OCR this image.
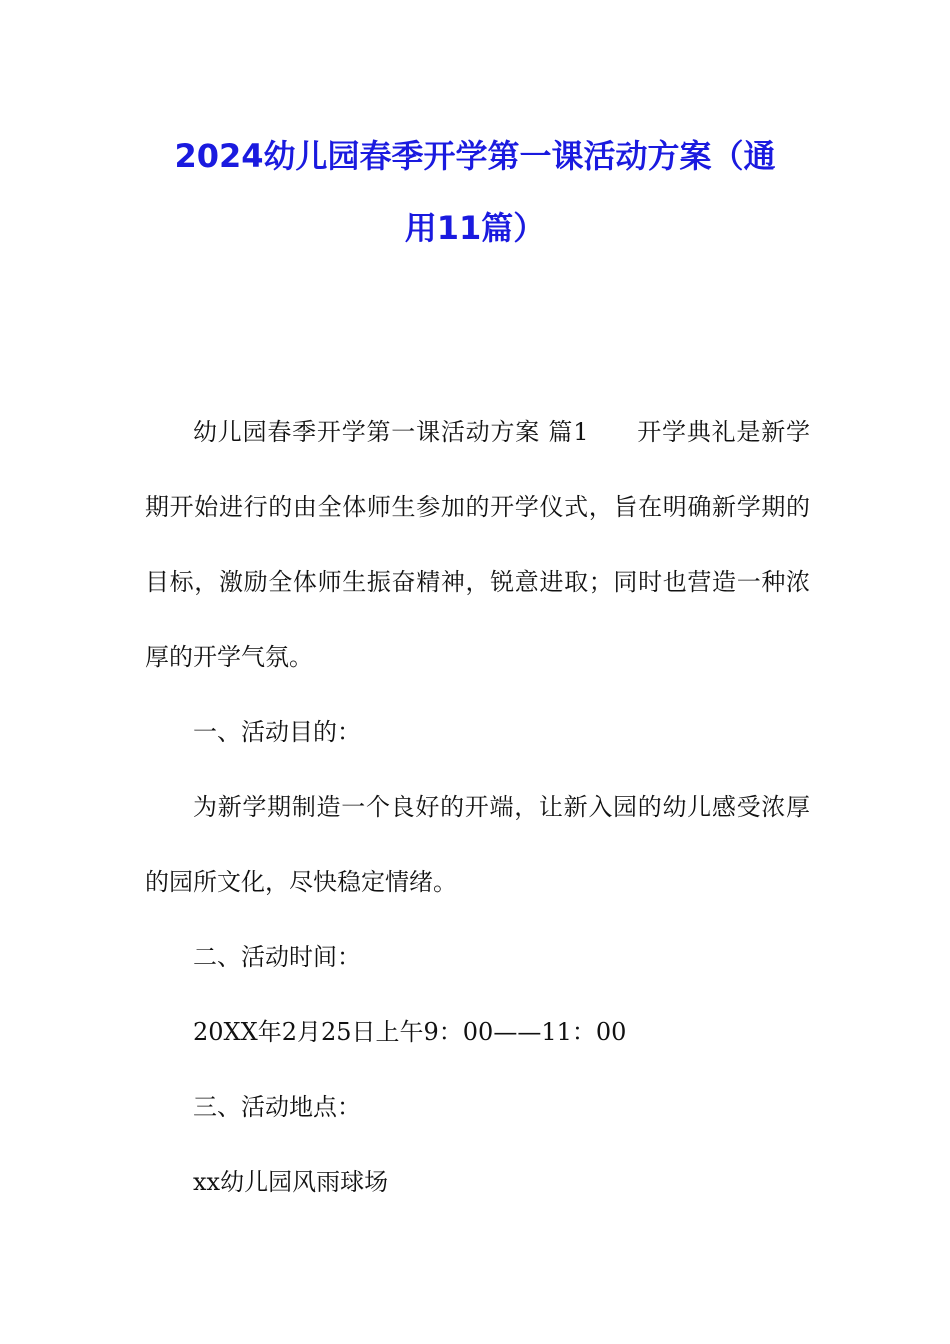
2024幼儿园春季开学第一课活动方案（通
用11篇）

幼儿园春季开学第一课活动方案 篇1 开学典礼是新学期开始进行的由全体师生参加的开学仪式，旨在明确新学期的目标，激励全体师生振奋精神，锐意进取；同时也营造一种浓厚的开学气氛。

一、活动目的：

为新学期制造一个良好的开端，让新入园的幼儿感受浓厚的园所文化，尽快稳定情绪。

二、活动时间：

20XX年2月25日上午9：00——11：00

三、活动地点：

xx幼儿园风雨球场
